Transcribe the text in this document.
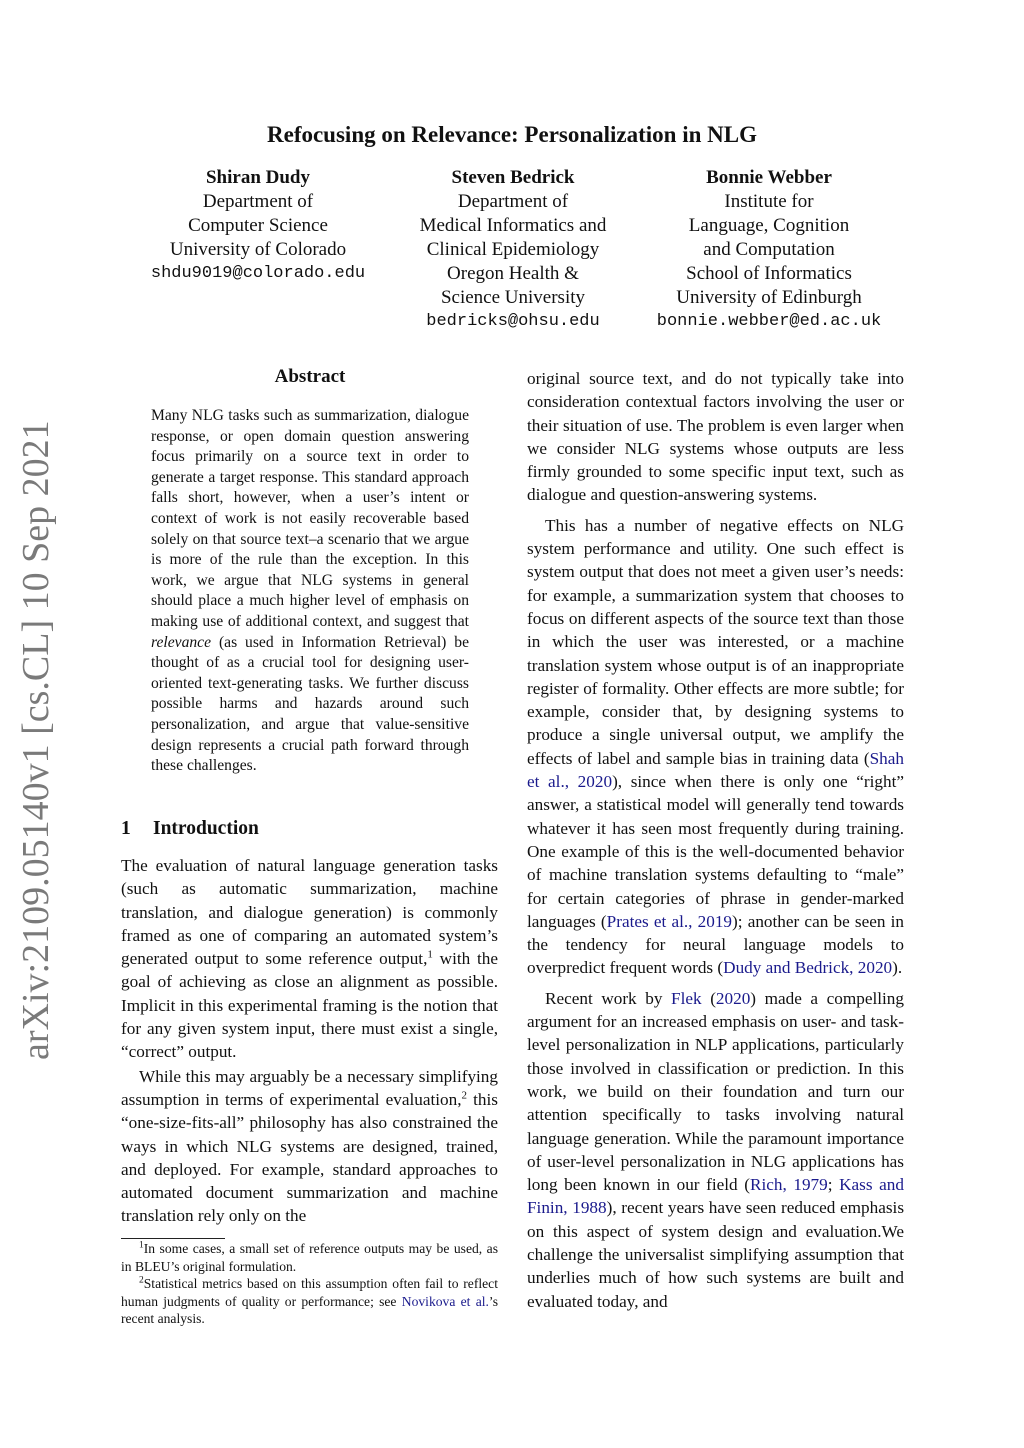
Refocusing on Relevance: Personalization in NLG
Shiran Dudy
Department of
Computer Science
University of Colorado
shdu9019@colorado.edu
Steven Bedrick
Department of
Medical Informatics and
Clinical Epidemiology
Oregon Health &
Science University
bedricks@ohsu.edu
Bonnie Webber
Institute for
Language, Cognition
and Computation
School of Informatics
University of Edinburgh
bonnie.webber@ed.ac.uk
arXiv:2109.05140v1 [cs.CL] 10 Sep 2021
Abstract
Many NLG tasks such as summarization, dialogue response, or open domain question answering focus primarily on a source text in order to generate a target response. This standard approach falls short, however, when a user’s intent or context of work is not easily recoverable based solely on that source text–a scenario that we argue is more of the rule than the exception. In this work, we argue that NLG systems in general should place a much higher level of emphasis on making use of additional context, and suggest that relevance (as used in Information Retrieval) be thought of as a crucial tool for designing user-oriented text-generating tasks. We further discuss possible harms and hazards around such personalization, and argue that value-sensitive design represents a crucial path forward through these challenges.
1 Introduction

The evaluation of natural language generation tasks (such as automatic summarization, machine translation, and dialogue generation) is commonly framed as one of comparing an automated system’s generated output to some reference output,$^1$ with the goal of achieving as close an alignment as possible. Implicit in this experimental framing is the notion that for any given system input, there must exist a single, “correct” output.

While this may arguably be a necessary simplifying assumption in terms of experimental evaluation,$^2$ this “one-size-fits-all” philosophy has also constrained the ways in which NLG systems are designed, trained, and deployed. For example, standard approaches to automated document summarization and machine translation rely only on the

$^1$In some cases, a small set of reference outputs may be used, as in BLEU’s original formulation.

$^2$Statistical metrics based on this assumption often fail to reflect human judgments of quality or performance; see Novikova et al.’s recent analysis.

original source text, and do not typically take into consideration contextual factors involving the user or their situation of use. The problem is even larger when we consider NLG systems whose outputs are less firmly grounded to some specific input text, such as dialogue and question-answering systems.

This has a number of negative effects on NLG system performance and utility. One such effect is system output that does not meet a given user’s needs: for example, a summarization system that chooses to focus on different aspects of the source text than those in which the user was interested, or a machine translation system whose output is of an inappropriate register of formality. Other effects are more subtle; for example, consider that, by designing systems to produce a single universal output, we amplify the effects of label and sample bias in training data (Shah et al., 2020), since when there is only one “right” answer, a statistical model will generally tend towards whatever it has seen most frequently during training. One example of this is the well-documented behavior of machine translation systems defaulting to “male” for certain categories of phrase in gender-marked languages (Prates et al., 2019); another can be seen in the tendency for neural language models to overpredict frequent words (Dudy and Bedrick, 2020).

Recent work by Flek (2020) made a compelling argument for an increased emphasis on user- and task-level personalization in NLP applications, particularly those involved in classification or prediction. In this work, we build on their foundation and turn our attention specifically to tasks involving natural language generation. While the paramount importance of user-level personalization in NLG applications has long been known in our field (Rich, 1979; Kass and Finin, 1988), recent years have seen reduced emphasis on this aspect of system design and evaluation.We challenge the universalist simplifying assumption that underlies much of how such systems are built and evaluated today, and
